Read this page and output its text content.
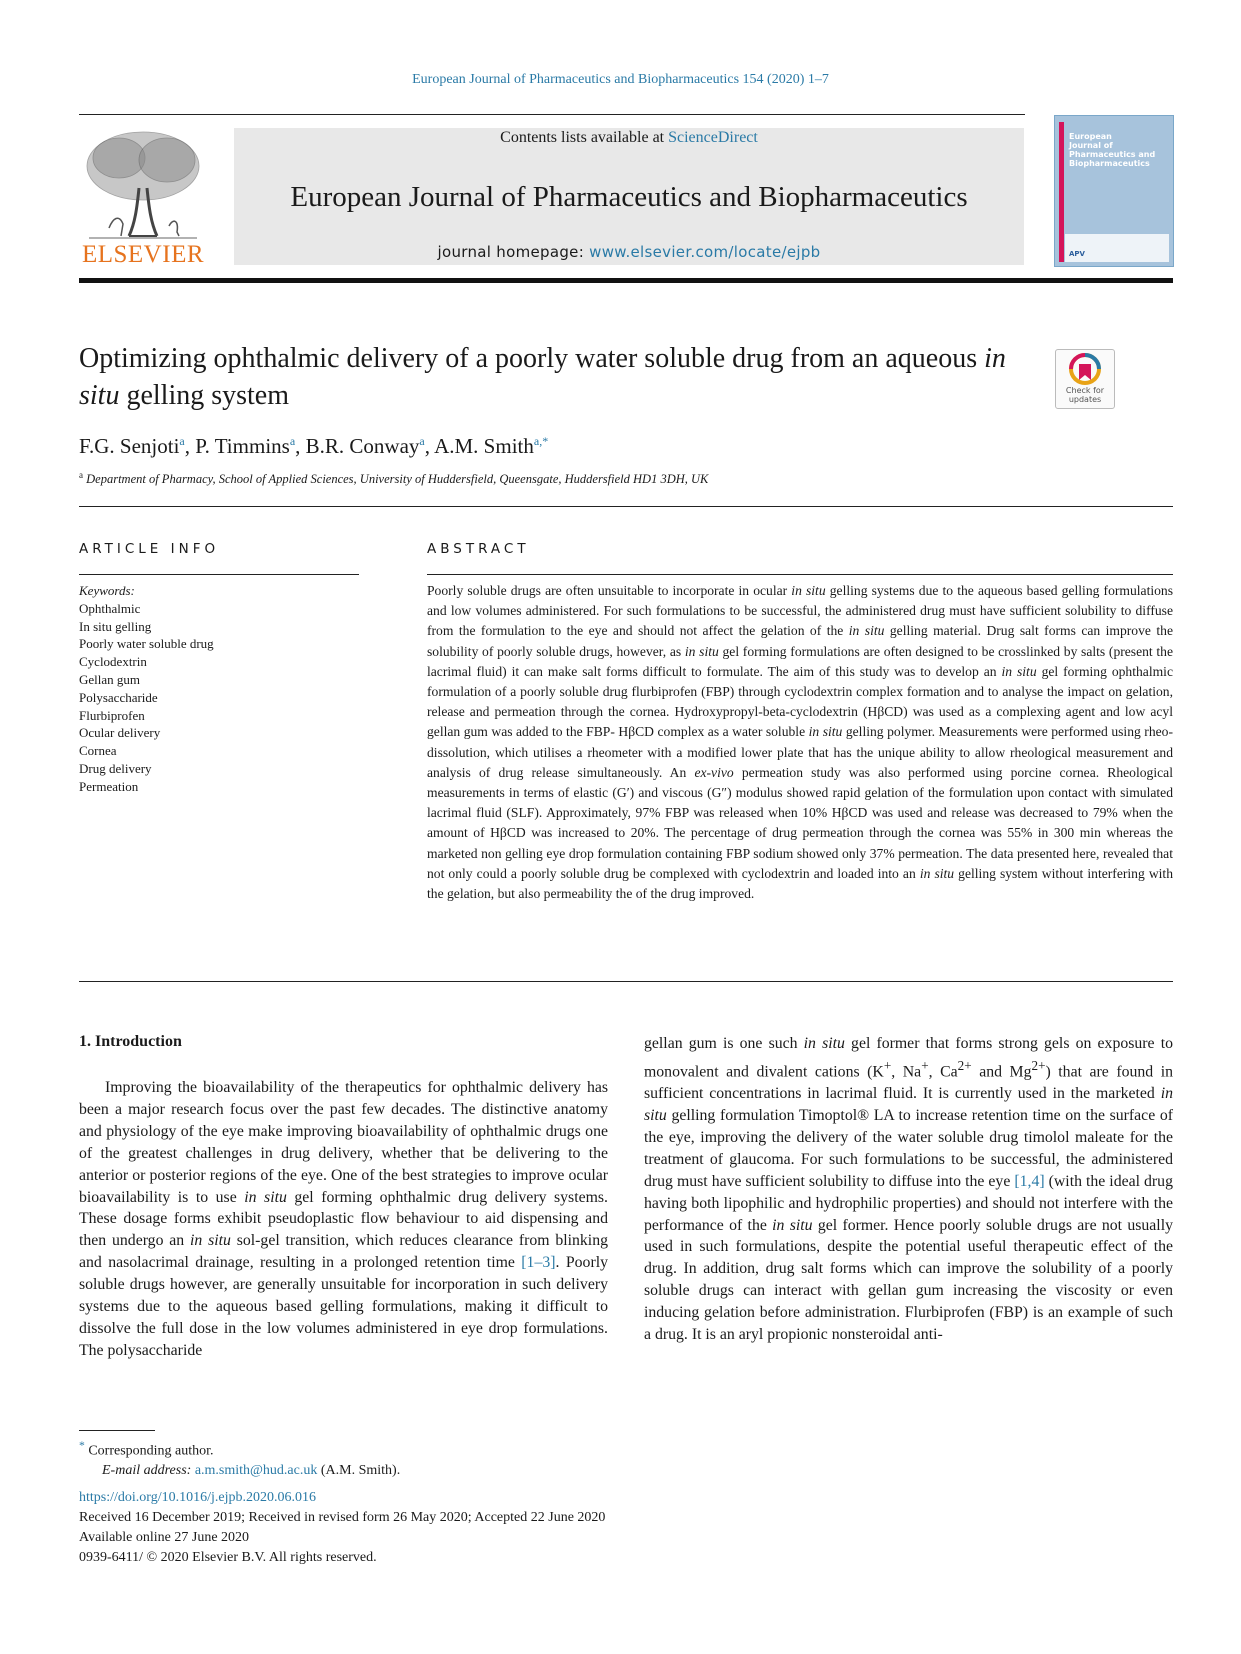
European Journal of Pharmaceutics and Biopharmaceutics 154 (2020) 1–7
ELSEVIER
Contents lists available at ScienceDirect
European Journal of Pharmaceutics and Biopharmaceutics
journal homepage: www.elsevier.com/locate/ejpb
European
Journal of
Pharmaceutics and
Biopharmaceutics
APV
Optimizing ophthalmic delivery of a poorly water soluble drug from an aqueous in situ gelling system	Check for
updates
F.G. Senjoti$^a$, P. Timmins$^a$, B.R. Conway$^a$, A.M. Smith$^{a,*}$
$^a$ Department of Pharmacy, School of Applied Sciences, University of Huddersfield, Queensgate, Huddersfield HD1 3DH, UK
ARTICLE INFO
Keywords:
Ophthalmic
In situ gelling
Poorly water soluble drug
Cyclodextrin
Gellan gum
Polysaccharide
Flurbiprofen
Ocular delivery
Cornea
Drug delivery
Permeation
ABSTRACT

Poorly soluble drugs are often unsuitable to incorporate in ocular in situ gelling systems due to the aqueous based gelling formulations and low volumes administered. For such formulations to be successful, the administered drug must have sufficient solubility to diffuse from the formulation to the eye and should not affect the gelation of the in situ gelling material. Drug salt forms can improve the solubility of poorly soluble drugs, however, as in situ gel forming formulations are often designed to be crosslinked by salts (present the lacrimal fluid) it can make salt forms difficult to formulate. The aim of this study was to develop an in situ gel forming ophthalmic formulation of a poorly soluble drug flurbiprofen (FBP) through cyclodextrin complex formation and to analyse the impact on gelation, release and permeation through the cornea. Hydroxypropyl-beta-cyclodextrin (HβCD) was used as a complexing agent and low acyl gellan gum was added to the FBP- HβCD complex as a water soluble in situ gelling polymer. Measurements were performed using rheo-dissolution, which utilises a rheometer with a modified lower plate that has the unique ability to allow rheological measurement and analysis of drug release simultaneously. An ex-vivo permeation study was also performed using porcine cornea. Rheological measurements in terms of elastic (G′) and viscous (G″) modulus showed rapid gelation of the formulation upon contact with simulated lacrimal fluid (SLF). Approximately, 97% FBP was released when 10% HβCD was used and release was decreased to 79% when the amount of HβCD was increased to 20%. The percentage of drug permeation through the cornea was 55% in 300 min whereas the marketed non gelling eye drop formulation containing FBP sodium showed only 37% permeation. The data presented here, revealed that not only could a poorly soluble drug be complexed with cyclodextrin and loaded into an in situ gelling system without interfering with the gelation, but also permeability the of the drug improved.

1. Introduction

Improving the bioavailability of the therapeutics for ophthalmic delivery has been a major research focus over the past few decades. The distinctive anatomy and physiology of the eye make improving bioavailability of ophthalmic drugs one of the greatest challenges in drug delivery, whether that be delivering to the anterior or posterior regions of the eye. One of the best strategies to improve ocular bioavailability is to use in situ gel forming ophthalmic drug delivery systems. These dosage forms exhibit pseudoplastic flow behaviour to aid dispensing and then undergo an in situ sol-gel transition, which reduces clearance from blinking and nasolacrimal drainage, resulting in a prolonged retention time [1–3]. Poorly soluble drugs however, are generally unsuitable for incorporation in such delivery systems due to the aqueous based gelling formulations, making it difficult to dissolve the full dose in the low volumes administered in eye drop formulations. The polysaccharide

gellan gum is one such in situ gel former that forms strong gels on exposure to monovalent and divalent cations (K+, Na+, $Ca^{2+}$ and $Mg^{2+}$) that are found in sufficient concentrations in lacrimal fluid. It is currently used in the marketed in situ gelling formulation Timoptol® LA to increase retention time on the surface of the eye, improving the delivery of the water soluble drug timolol maleate for the treatment of glaucoma. For such formulations to be successful, the administered drug must have sufficient solubility to diffuse into the eye [1,4] (with the ideal drug having both lipophilic and hydrophilic properties) and should not interfere with the performance of the in situ gel former. Hence poorly soluble drugs are not usually used in such formulations, despite the potential useful therapeutic effect of the drug. In addition, drug salt forms which can improve the solubility of a poorly soluble drugs can interact with gellan gum increasing the viscosity or even inducing gelation before administration. Flurbiprofen (FBP) is an example of such a drug. It is an aryl propionic nonsteroidal anti-

* Corresponding author.
E-mail address: a.m.smith@hud.ac.uk (A.M. Smith).
https://doi.org/10.1016/j.ejpb.2020.06.016
Received 16 December 2019; Received in revised form 26 May 2020; Accepted 22 June 2020
Available online 27 June 2020
0939-6411/ © 2020 Elsevier B.V. All rights reserved.
